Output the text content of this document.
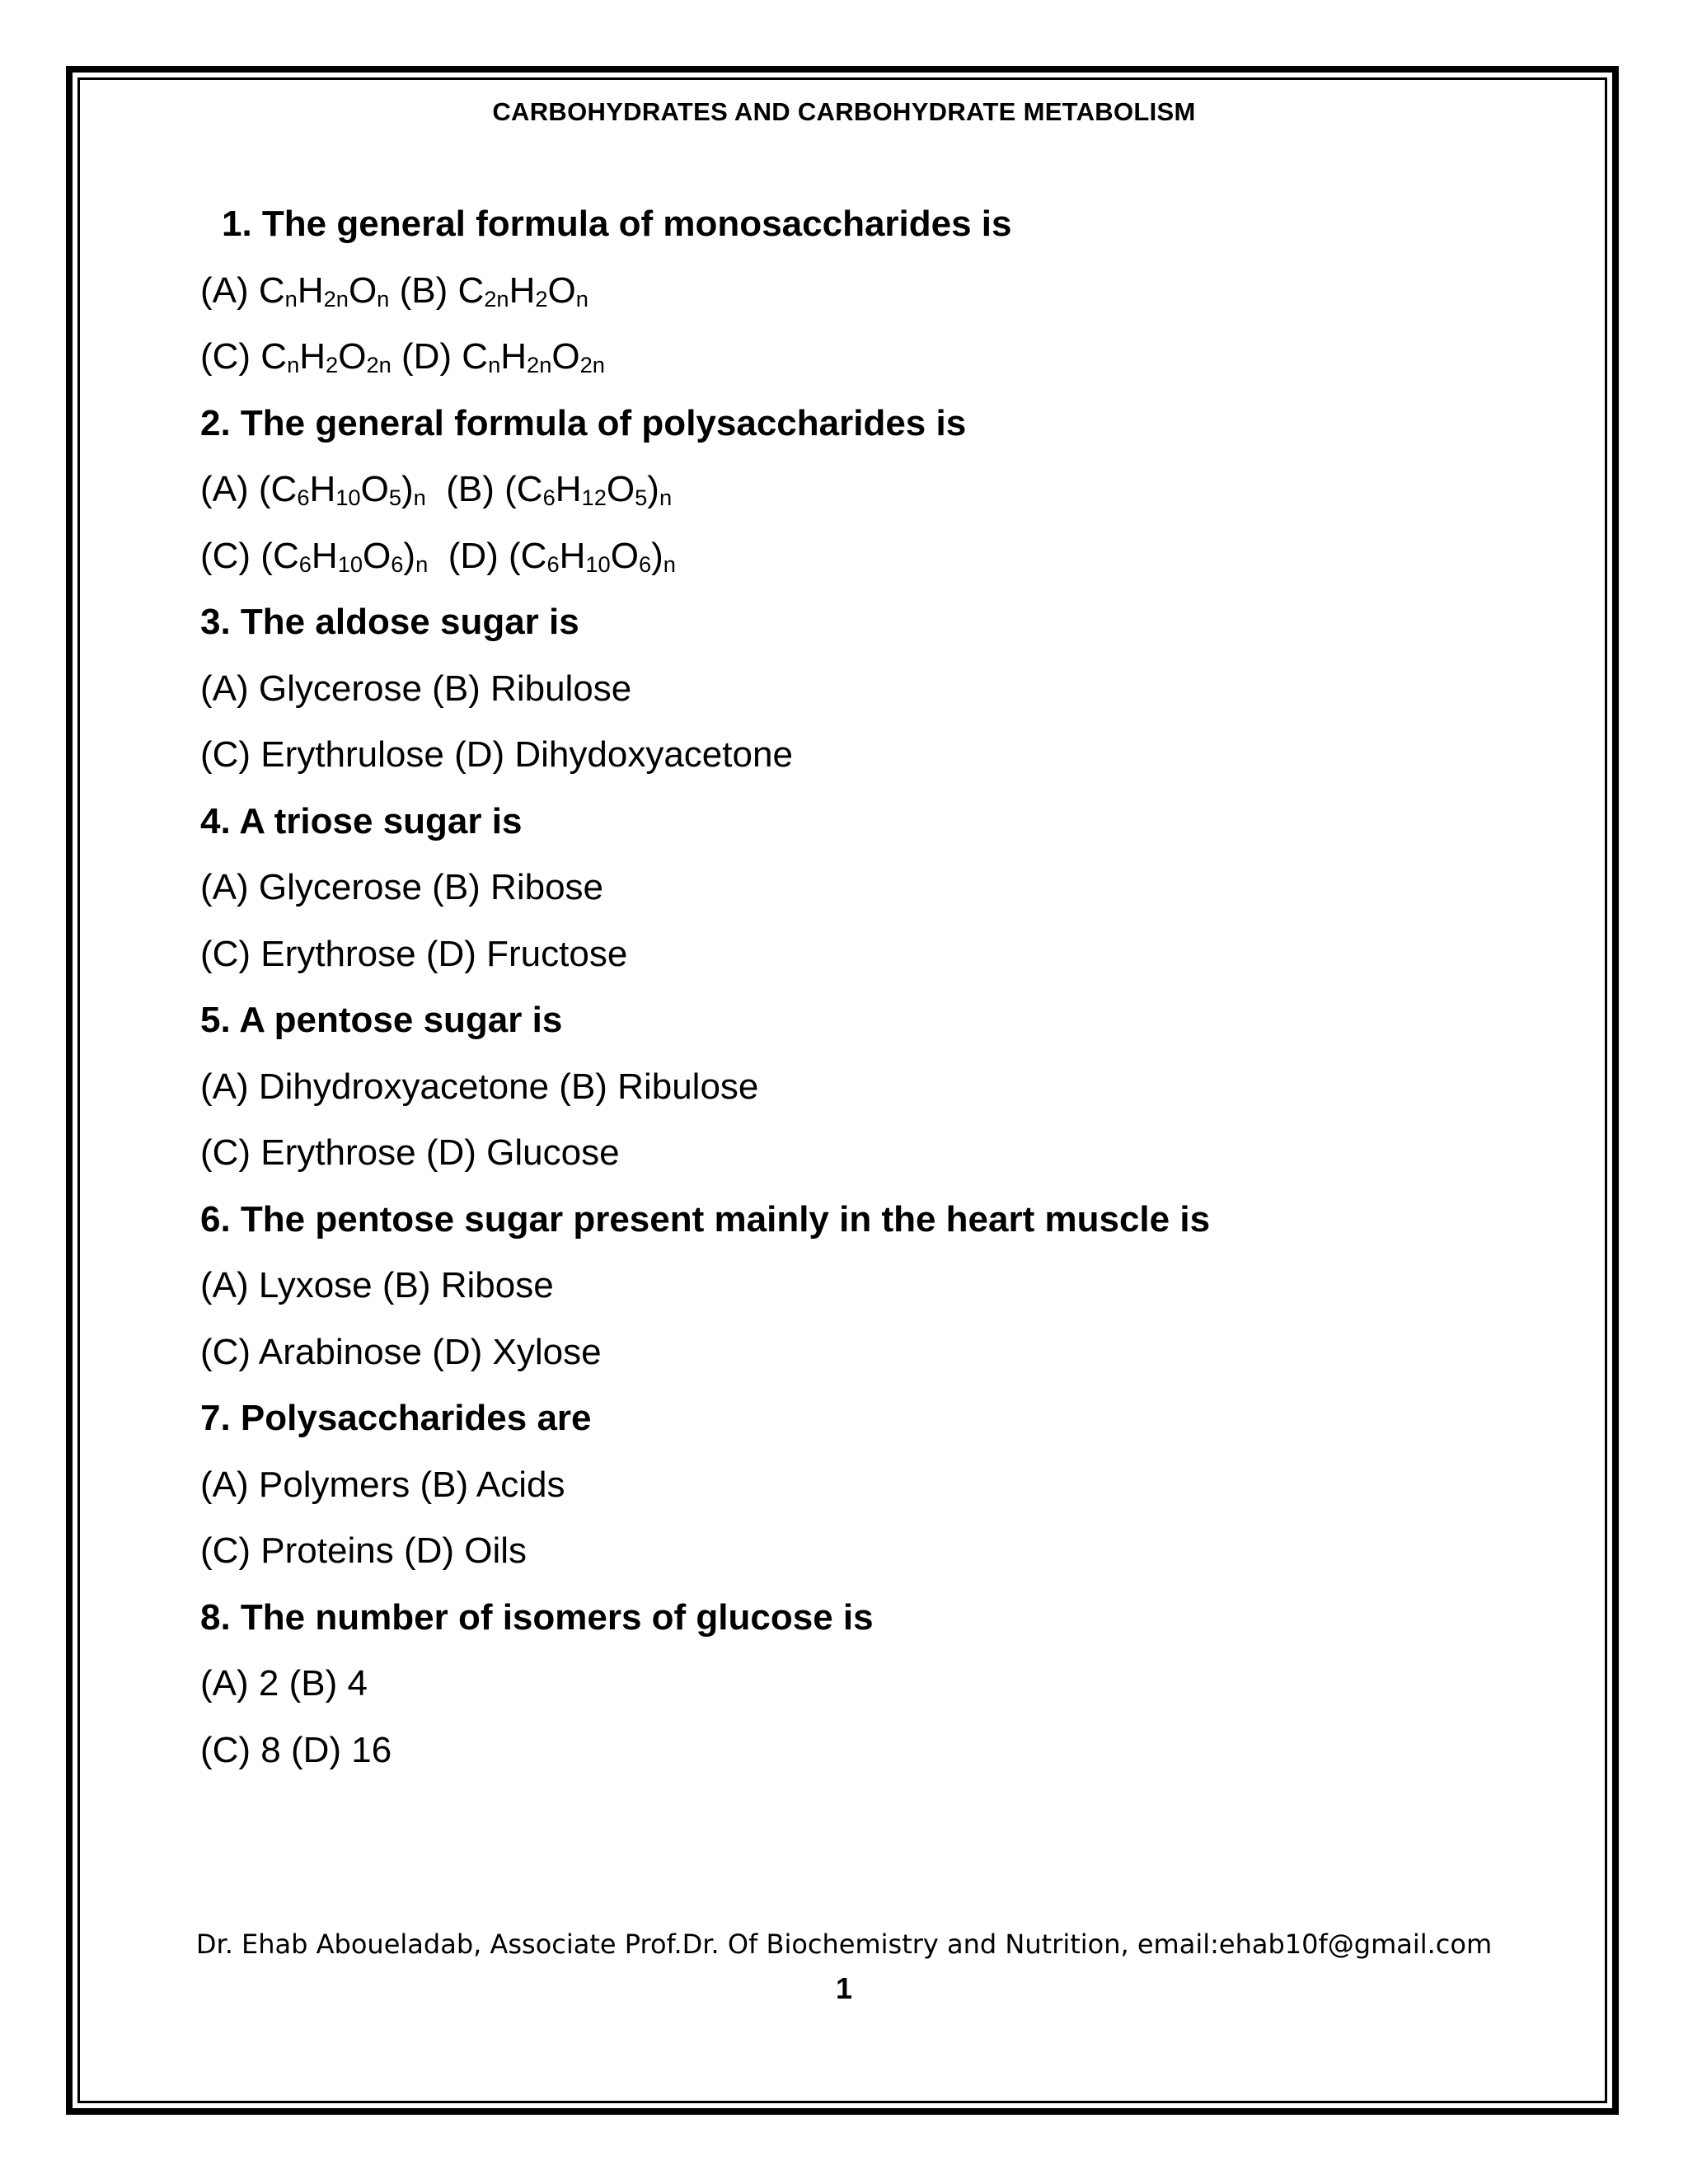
CARBOHYDRATES AND CARBOHYDRATE METABOLISM
1. The general formula of monosaccharides is
(A) $C_nH_{2n}O_n$ (B) $C_{2n}H_2O_n$
(C) $C_nH_2O_{2n}$ (D) $C_nH_{2n}O_{2n}$
2. The general formula of polysaccharides is
(A) $(C_6H_{10}O_5)_n$  (B) $(C_6H_{12}O_5)_n$
(C) $(C_6H_{10}O_6)_n$  (D) $(C_6H_{10}O_6)_n$
3. The aldose sugar is
(A) Glycerose (B) Ribulose
(C) Erythrulose (D) Dihydoxyacetone
4. A triose sugar is
(A) Glycerose (B) Ribose
(C) Erythrose (D) Fructose
5. A pentose sugar is
(A) Dihydroxyacetone (B) Ribulose
(C) Erythrose (D) Glucose
6. The pentose sugar present mainly in the heart muscle is
(A) Lyxose (B) Ribose
(C) Arabinose (D) Xylose
7. Polysaccharides are
(A) Polymers (B) Acids
(C) Proteins (D) Oils
8. The number of isomers of glucose is
(A) 2 (B) 4
(C) 8 (D) 16
Dr. Ehab Aboueladab, Associate Prof.Dr. Of Biochemistry and Nutrition, email:ehab10f@gmail.com
1
